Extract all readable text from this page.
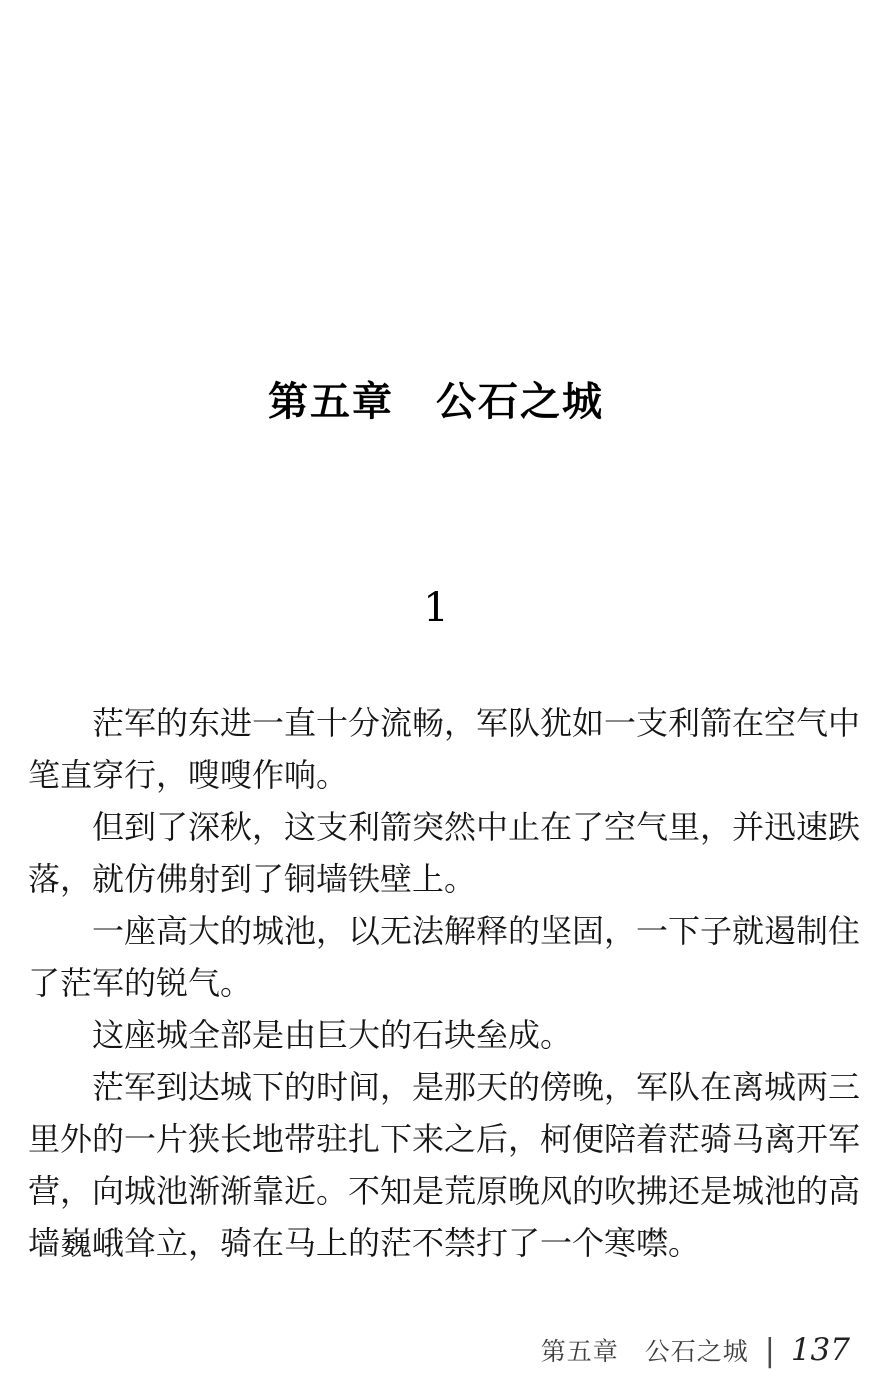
第五章　公石之城
1

茫军的东进一直十分流畅，军队犹如一支利箭在空气中笔直穿行，嗖嗖作响。

但到了深秋，这支利箭突然中止在了空气里，并迅速跌落，就仿佛射到了铜墙铁壁上。

一座高大的城池，以无法解释的坚固，一下子就遏制住了茫军的锐气。

这座城全部是由巨大的石块垒成。

茫军到达城下的时间，是那天的傍晚，军队在离城两三里外的一片狭长地带驻扎下来之后，柯便陪着茫骑马离开军营，向城池渐渐靠近。不知是荒原晚风的吹拂还是城池的高墙巍峨耸立，骑在马上的茫不禁打了一个寒噤。

第五章　公石之城 | 137
